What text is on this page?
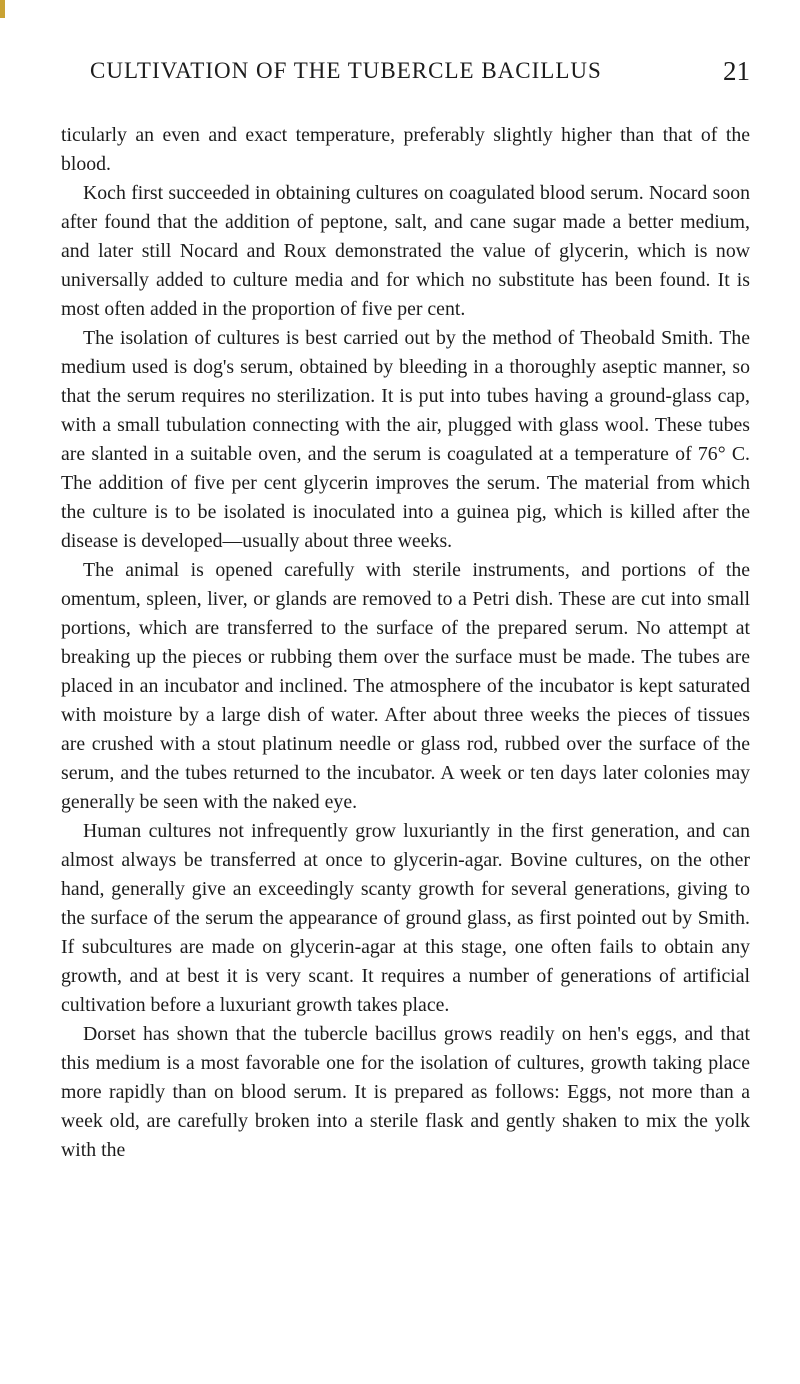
CULTIVATION OF THE TUBERCLE BACILLUS	21

ticularly an even and exact temperature, preferably slightly higher than that of the blood.

Koch first succeeded in obtaining cultures on coagulated blood serum. Nocard soon after found that the addition of peptone, salt, and cane sugar made a better medium, and later still Nocard and Roux demonstrated the value of glycerin, which is now universally added to culture media and for which no substitute has been found. It is most often added in the proportion of five per cent.

The isolation of cultures is best carried out by the method of Theobald Smith. The medium used is dog's serum, obtained by bleeding in a thoroughly aseptic manner, so that the serum requires no sterilization. It is put into tubes having a ground-glass cap, with a small tubulation connecting with the air, plugged with glass wool. These tubes are slanted in a suitable oven, and the serum is coagulated at a temperature of 76° C. The addition of five per cent glycerin improves the serum. The material from which the culture is to be isolated is inoculated into a guinea pig, which is killed after the disease is developed—usually about three weeks.

The animal is opened carefully with sterile instruments, and portions of the omentum, spleen, liver, or glands are removed to a Petri dish. These are cut into small portions, which are transferred to the surface of the prepared serum. No attempt at breaking up the pieces or rubbing them over the surface must be made. The tubes are placed in an incubator and inclined. The atmosphere of the incubator is kept saturated with moisture by a large dish of water. After about three weeks the pieces of tissues are crushed with a stout platinum needle or glass rod, rubbed over the surface of the serum, and the tubes returned to the incubator. A week or ten days later colonies may generally be seen with the naked eye.

Human cultures not infrequently grow luxuriantly in the first generation, and can almost always be transferred at once to glycerin-agar. Bovine cultures, on the other hand, generally give an exceedingly scanty growth for several generations, giving to the surface of the serum the appearance of ground glass, as first pointed out by Smith. If subcultures are made on glycerin-agar at this stage, one often fails to obtain any growth, and at best it is very scant. It requires a number of generations of artificial cultivation before a luxuriant growth takes place.

Dorset has shown that the tubercle bacillus grows readily on hen's eggs, and that this medium is a most favorable one for the isolation of cultures, growth taking place more rapidly than on blood serum. It is prepared as follows: Eggs, not more than a week old, are carefully broken into a sterile flask and gently shaken to mix the yolk with the
